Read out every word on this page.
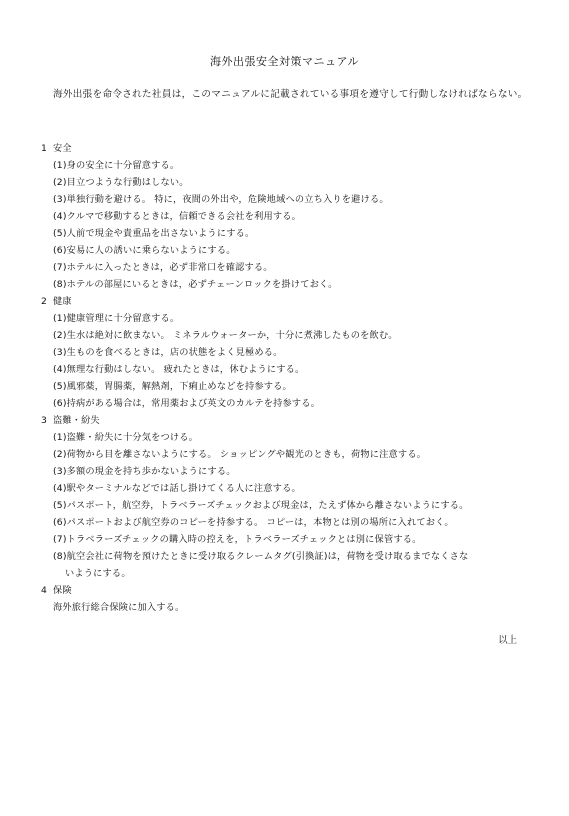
海外出張安全対策マニュアル
海外出張を命令された社員は，このマニュアルに記載されている事項を遵守して行動しなければならない。
1 安全
(1)身の安全に十分留意する。
(2)目立つような行動はしない。
(3)単独行動を避ける。 特に，夜間の外出や，危険地域への立ち入りを避ける。
(4)クルマで移動するときは，信頼できる会社を利用する。
(5)人前で現金や貴重品を出さないようにする。
(6)安易に人の誘いに乗らないようにする。
(7)ホテルに入ったときは，必ず非常口を確認する。
(8)ホテルの部屋にいるときは，必ずチェーンロックを掛けておく。
2 健康
(1)健康管理に十分留意する。
(2)生水は絶対に飲まない。 ミネラルウォーターか，十分に煮沸したものを飲む。
(3)生ものを食べるときは，店の状態をよく見極める。
(4)無理な行動はしない。 疲れたときは，休むようにする。
(5)風邪薬，胃腸薬，解熱剤，下痢止めなどを持参する。
(6)持病がある場合は，常用薬および英文のカルテを持参する。
3 盗難・紛失
(1)盗難・紛失に十分気をつける。
(2)荷物から目を離さないようにする。 ショッピングや観光のときも，荷物に注意する。
(3)多額の現金を持ち歩かないようにする。
(4)駅やターミナルなどでは話し掛けてくる人に注意する。
(5)パスポート，航空券，トラベラーズチェックおよび現金は，たえず体から離さないようにする。
(6)パスポートおよび航空券のコピーを持参する。 コピーは，本物とは別の場所に入れておく。
(7)トラベラーズチェックの購入時の控えを，トラベラーズチェックとは別に保管する。
(8)航空会社に荷物を預けたときに受け取るクレームタグ(引換証)は，荷物を受け取るまでなくさな
いようにする。
4 保険
海外旅行総合保険に加入する。
以上
